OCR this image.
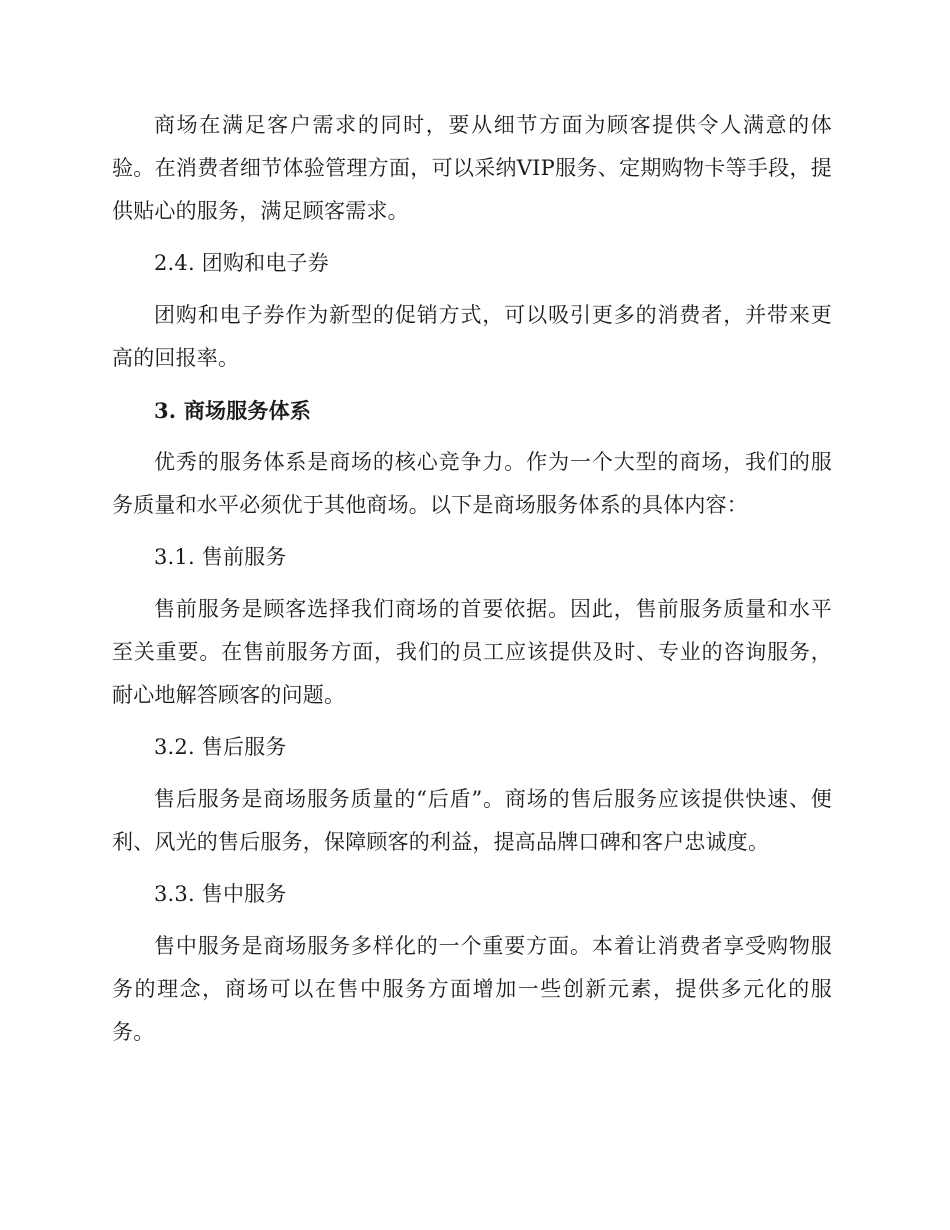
商场在满足客户需求的同时，要从细节方面为顾客提供令人满意的体验。在消费者细节体验管理方面，可以采纳VIP服务、定期购物卡等手段，提供贴心的服务，满足顾客需求。

2.4. 团购和电子券

团购和电子券作为新型的促销方式，可以吸引更多的消费者，并带来更高的回报率。

3. 商场服务体系

优秀的服务体系是商场的核心竞争力。作为一个大型的商场，我们的服务质量和水平必须优于其他商场。以下是商场服务体系的具体内容：

3.1. 售前服务

售前服务是顾客选择我们商场的首要依据。因此，售前服务质量和水平至关重要。在售前服务方面，我们的员工应该提供及时、专业的咨询服务，耐心地解答顾客的问题。

3.2. 售后服务

售后服务是商场服务质量的“后盾”。商场的售后服务应该提供快速、便利、风光的售后服务，保障顾客的利益，提高品牌口碑和客户忠诚度。

3.3. 售中服务

售中服务是商场服务多样化的一个重要方面。本着让消费者享受购物服务的理念，商场可以在售中服务方面增加一些创新元素，提供多元化的服务。
